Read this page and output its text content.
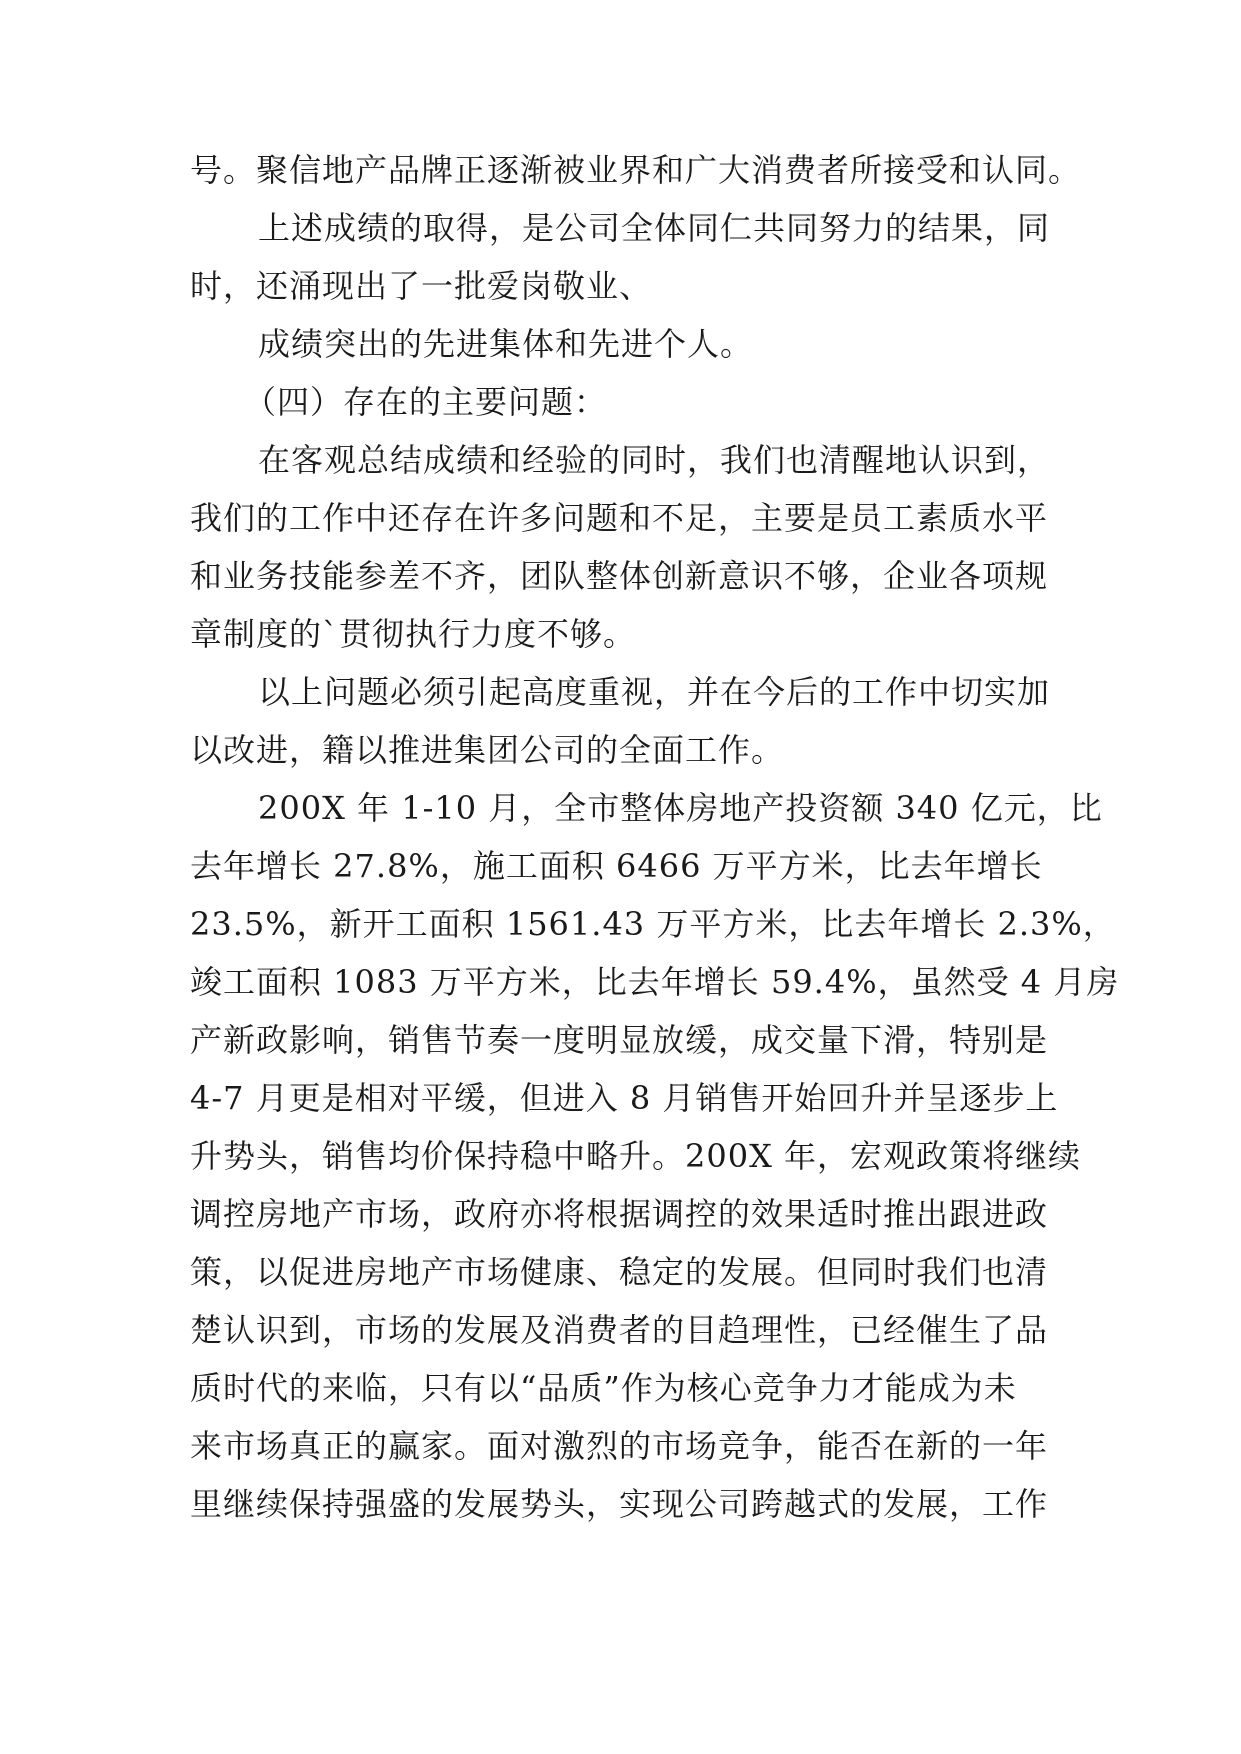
号。聚信地产品牌正逐渐被业界和广大消费者所接受和认同。
上述成绩的取得，是公司全体同仁共同努力的结果，同
时，还涌现出了一批爱岗敬业、
成绩突出的先进集体和先进个人。
（四）存在的主要问题：
在客观总结成绩和经验的同时，我们也清醒地认识到，
我们的工作中还存在许多问题和不足，主要是员工素质水平
和业务技能参差不齐，团队整体创新意识不够，企业各项规
章制度的`贯彻执行力度不够。
以上问题必须引起高度重视，并在今后的工作中切实加
以改进，籍以推进集团公司的全面工作。
200X 年 1-10 月，全市整体房地产投资额 340 亿元，比
去年增长 27.8%，施工面积 6466 万平方米，比去年增长
23.5%，新开工面积 1561.43 万平方米，比去年增长 2.3%，
竣工面积 1083 万平方米，比去年增长 59.4%，虽然受 4 月房
产新政影响，销售节奏一度明显放缓，成交量下滑，特别是
4-7 月更是相对平缓，但进入 8 月销售开始回升并呈逐步上
升势头，销售均价保持稳中略升。200X 年，宏观政策将继续
调控房地产市场，政府亦将根据调控的效果适时推出跟进政
策，以促进房地产市场健康、稳定的发展。但同时我们也清
楚认识到，市场的发展及消费者的目趋理性，已经催生了品
质时代的来临，只有以“品质”作为核心竞争力才能成为未
来市场真正的赢家。面对激烈的市场竞争，能否在新的一年
里继续保持强盛的发展势头，实现公司跨越式的发展，工作
